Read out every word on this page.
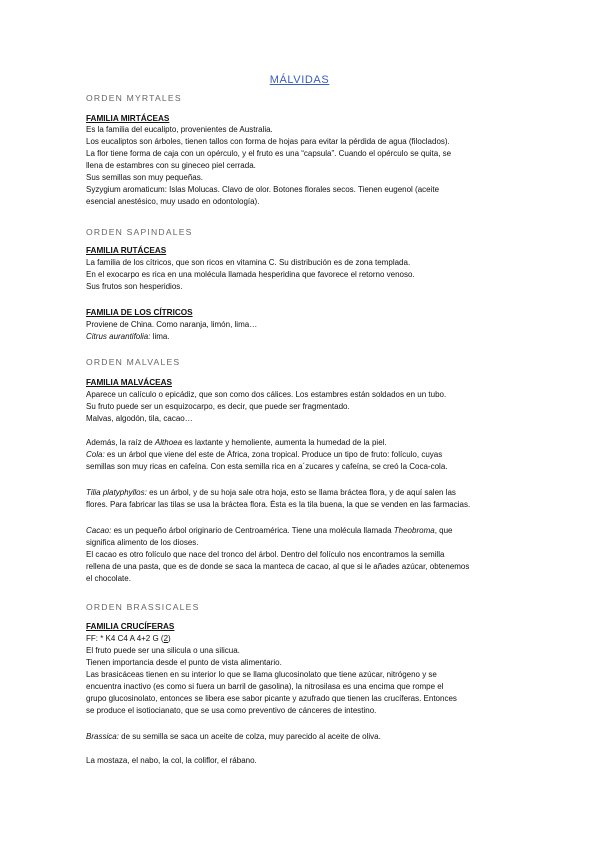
MÁLVIDAS
ORDEN MYRTALES
FAMILIA MIRTÁCEAS
Es la familia del eucalipto, provenientes de Australia.
Los eucaliptos son árboles, tienen tallos con forma de hojas para evitar la pérdida de agua (filoclados).
La flor tiene forma de caja con un opérculo, y el fruto es una “capsula”. Cuando el opérculo se quita, se
llena de estambres con su gineceo piel cerrada.
Sus semillas son muy pequeñas.
Syzygium aromaticum: Islas Molucas. Clavo de olor. Botones florales secos. Tienen eugenol (aceite
esencial anestésico, muy usado en odontología).
ORDEN SAPINDALES
FAMILIA RUTÁCEAS
La familia de los cítricos, que son ricos en vitamina C. Su distribución es de zona templada.
En el exocarpo es rica en una molécula llamada hesperidina que favorece el retorno venoso.
Sus frutos son hesperidios.
FAMILIA DE LOS CÍTRICOS
Proviene de China. Como naranja, limón, lima…
Citrus aurantifolia: lima.
ORDEN MALVALES
FAMILIA MALVÁCEAS
Aparece un calículo o epicádiz, que son como dos cálices. Los estambres están soldados en un tubo.
Su fruto puede ser un esquizocarpo, es decir, que puede ser fragmentado.
Malvas, algodón, tila, cacao…
Además, la raíz de Althoea es laxtante y hemoliente, aumenta la humedad de la piel.
Cola: es un árbol que viene del este de África, zona tropical. Produce un tipo de fruto: folículo, cuyas
semillas son muy ricas en cafeína. Con esta semilla rica en a´zucares y cafeína, se creó la Coca-cola.
Tilia platyphyllos: es un árbol, y de su hoja sale otra hoja, esto se llama bráctea flora, y de aquí salen las
flores. Para fabricar las tilas se usa la bráctea flora. Ésta es la tila buena, la que se venden en las farmacias.
Cacao: es un pequeño árbol originario de Centroamérica. Tiene una molécula llamada Theobroma, que
significa alimento de los dioses.
El cacao es otro folículo que nace del tronco del árbol. Dentro del folículo nos encontramos la semilla
rellena de una pasta, que es de donde se saca la manteca de cacao, al que si le añades azúcar, obtenemos
el chocolate.
ORDEN BRASSICALES
FAMILIA CRUCÍFERAS
FF: * K4 C4 A 4+2 G (2)
El fruto puede ser una silicula o una silicua.
Tienen importancia desde el punto de vista alimentario.
Las brasicáceas tienen en su interior lo que se llama glucosinolato que tiene azúcar, nitrógeno y se
encuentra inactivo (es como si fuera un barril de gasolina), la nitrosilasa es una encima que rompe el
grupo glucosinolato, entonces se libera ese sabor picante y azufrado que tienen las crucíferas. Entonces
se produce el isotiocianato, que se usa como preventivo de cánceres de intestino.
Brassica: de su semilla se saca un aceite de colza, muy parecido al aceite de oliva.
La mostaza, el nabo, la col, la coliflor, el rábano.
